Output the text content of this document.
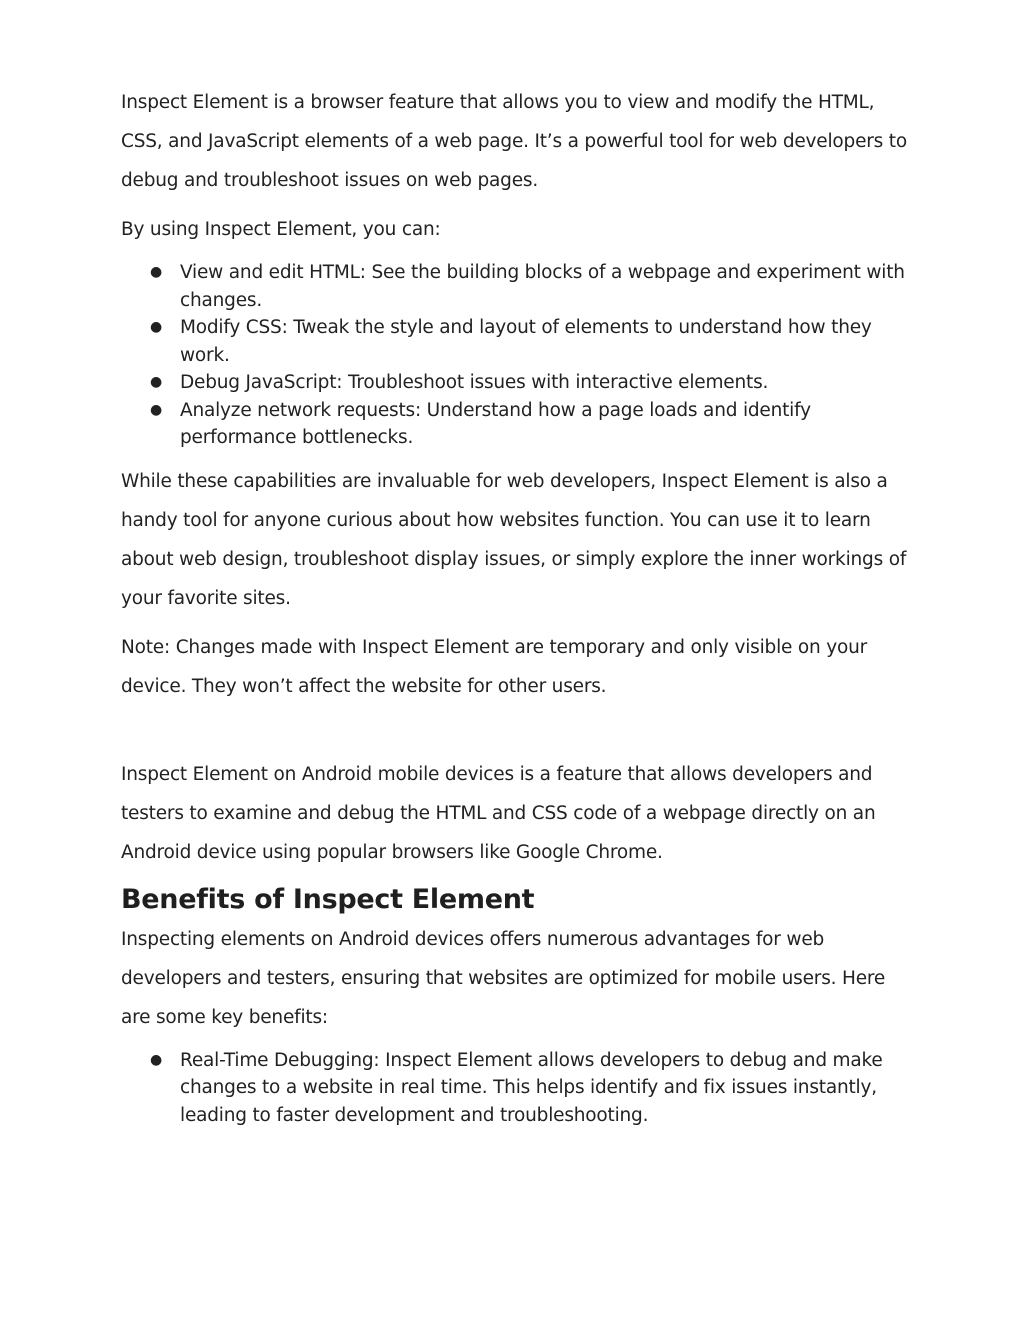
Inspect Element is a browser feature that allows you to view and modify the HTML, CSS, and JavaScript elements of a web page. It’s a powerful tool for web developers to debug and troubleshoot issues on web pages.

By using Inspect Element, you can:

● View and edit HTML: See the building blocks of a webpage and experiment with changes.
● Modify CSS: Tweak the style and layout of elements to understand how they work.
● Debug JavaScript: Troubleshoot issues with interactive elements.
● Analyze network requests: Understand how a page loads and identify performance bottlenecks.

While these capabilities are invaluable for web developers, Inspect Element is also a handy tool for anyone curious about how websites function. You can use it to learn about web design, troubleshoot display issues, or simply explore the inner workings of your favorite sites.

Note: Changes made with Inspect Element are temporary and only visible on your device. They won’t affect the website for other users.

Inspect Element on Android mobile devices is a feature that allows developers and testers to examine and debug the HTML and CSS code of a webpage directly on an Android device using popular browsers like Google Chrome.

Benefits of Inspect Element

Inspecting elements on Android devices offers numerous advantages for web developers and testers, ensuring that websites are optimized for mobile users. Here are some key benefits:

● Real-Time Debugging: Inspect Element allows developers to debug and make changes to a website in real time. This helps identify and fix issues instantly, leading to faster development and troubleshooting.
